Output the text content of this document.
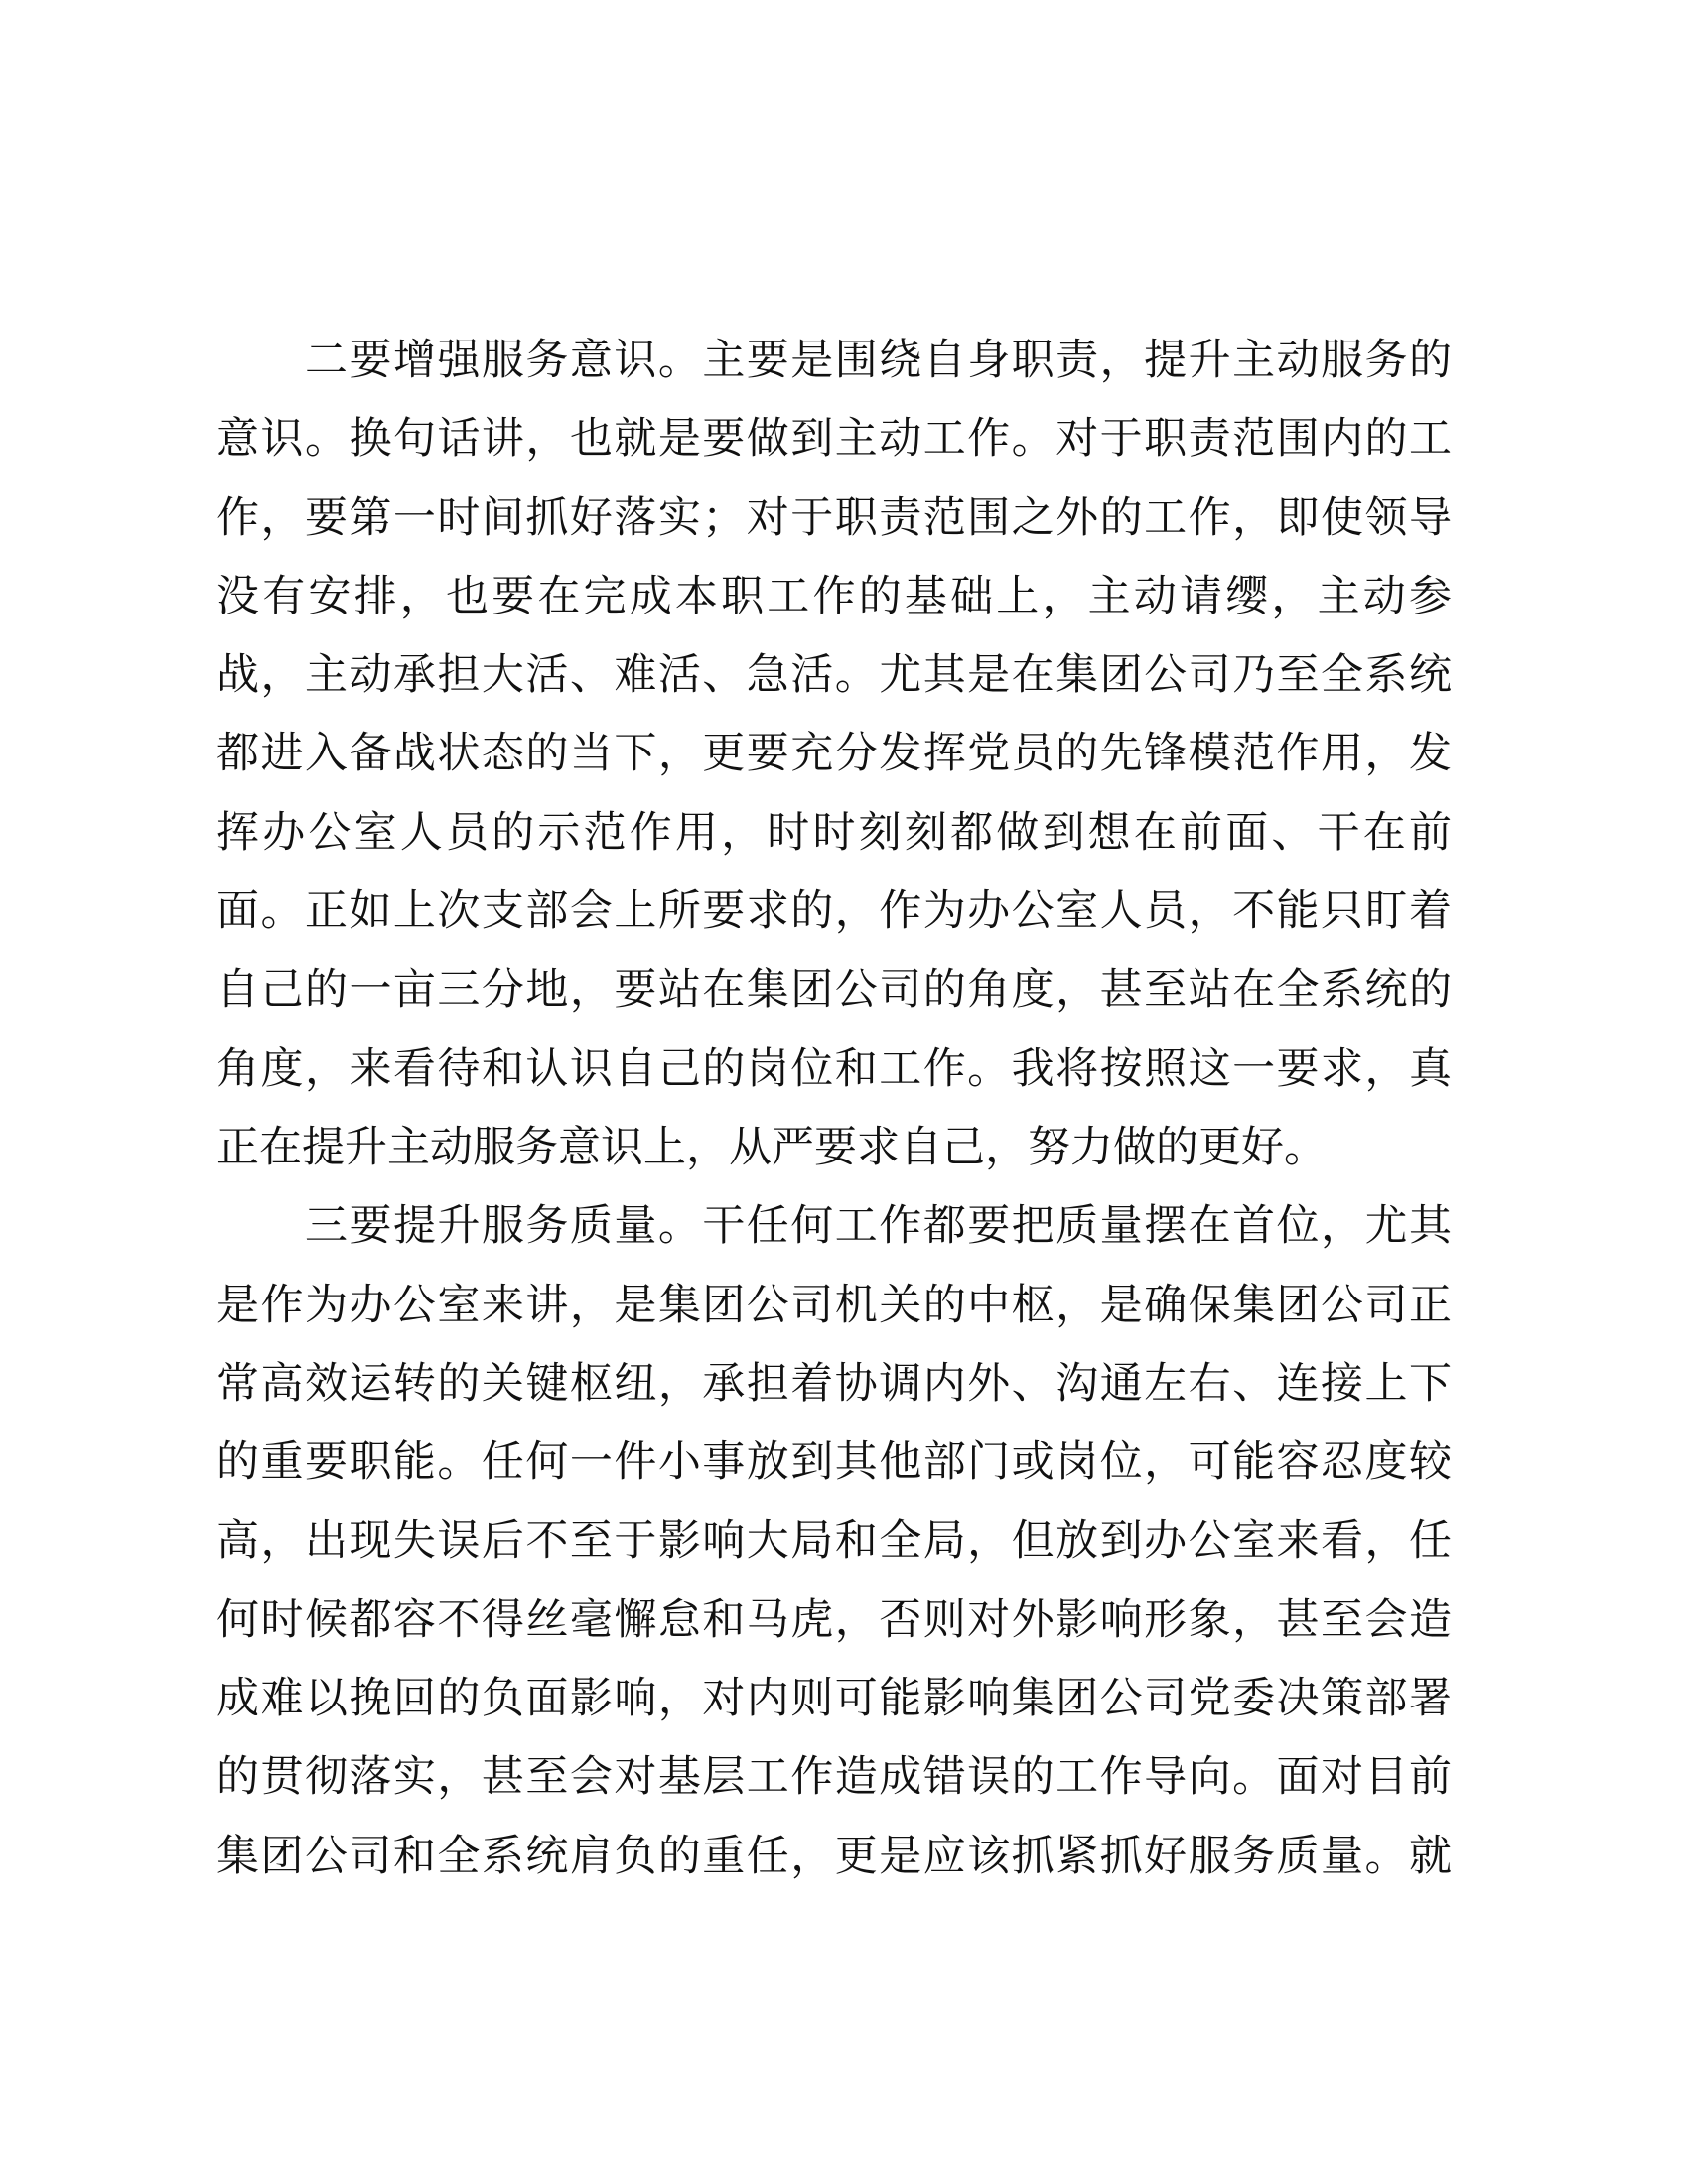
二要增强服务意识。主要是围绕自身职责，提升主动服务的
意识。换句话讲，也就是要做到主动工作。对于职责范围内的工
作，要第一时间抓好落实；对于职责范围之外的工作，即使领导
没有安排，也要在完成本职工作的基础上，主动请缨，主动参
战，主动承担大活、难活、急活。尤其是在集团公司乃至全系统
都进入备战状态的当下，更要充分发挥党员的先锋模范作用，发
挥办公室人员的示范作用，时时刻刻都做到想在前面、干在前
面。正如上次支部会上所要求的，作为办公室人员，不能只盯着
自己的一亩三分地，要站在集团公司的角度，甚至站在全系统的
角度，来看待和认识自己的岗位和工作。我将按照这一要求，真
正在提升主动服务意识上，从严要求自己，努力做的更好。
三要提升服务质量。干任何工作都要把质量摆在首位，尤其
是作为办公室来讲，是集团公司机关的中枢，是确保集团公司正
常高效运转的关键枢纽，承担着协调内外、沟通左右、连接上下
的重要职能。任何一件小事放到其他部门或岗位，可能容忍度较
高，出现失误后不至于影响大局和全局，但放到办公室来看，任
何时候都容不得丝毫懈怠和马虎，否则对外影响形象，甚至会造
成难以挽回的负面影响，对内则可能影响集团公司党委决策部署
的贯彻落实，甚至会对基层工作造成错误的工作导向。面对目前
集团公司和全系统肩负的重任，更是应该抓紧抓好服务质量。就
